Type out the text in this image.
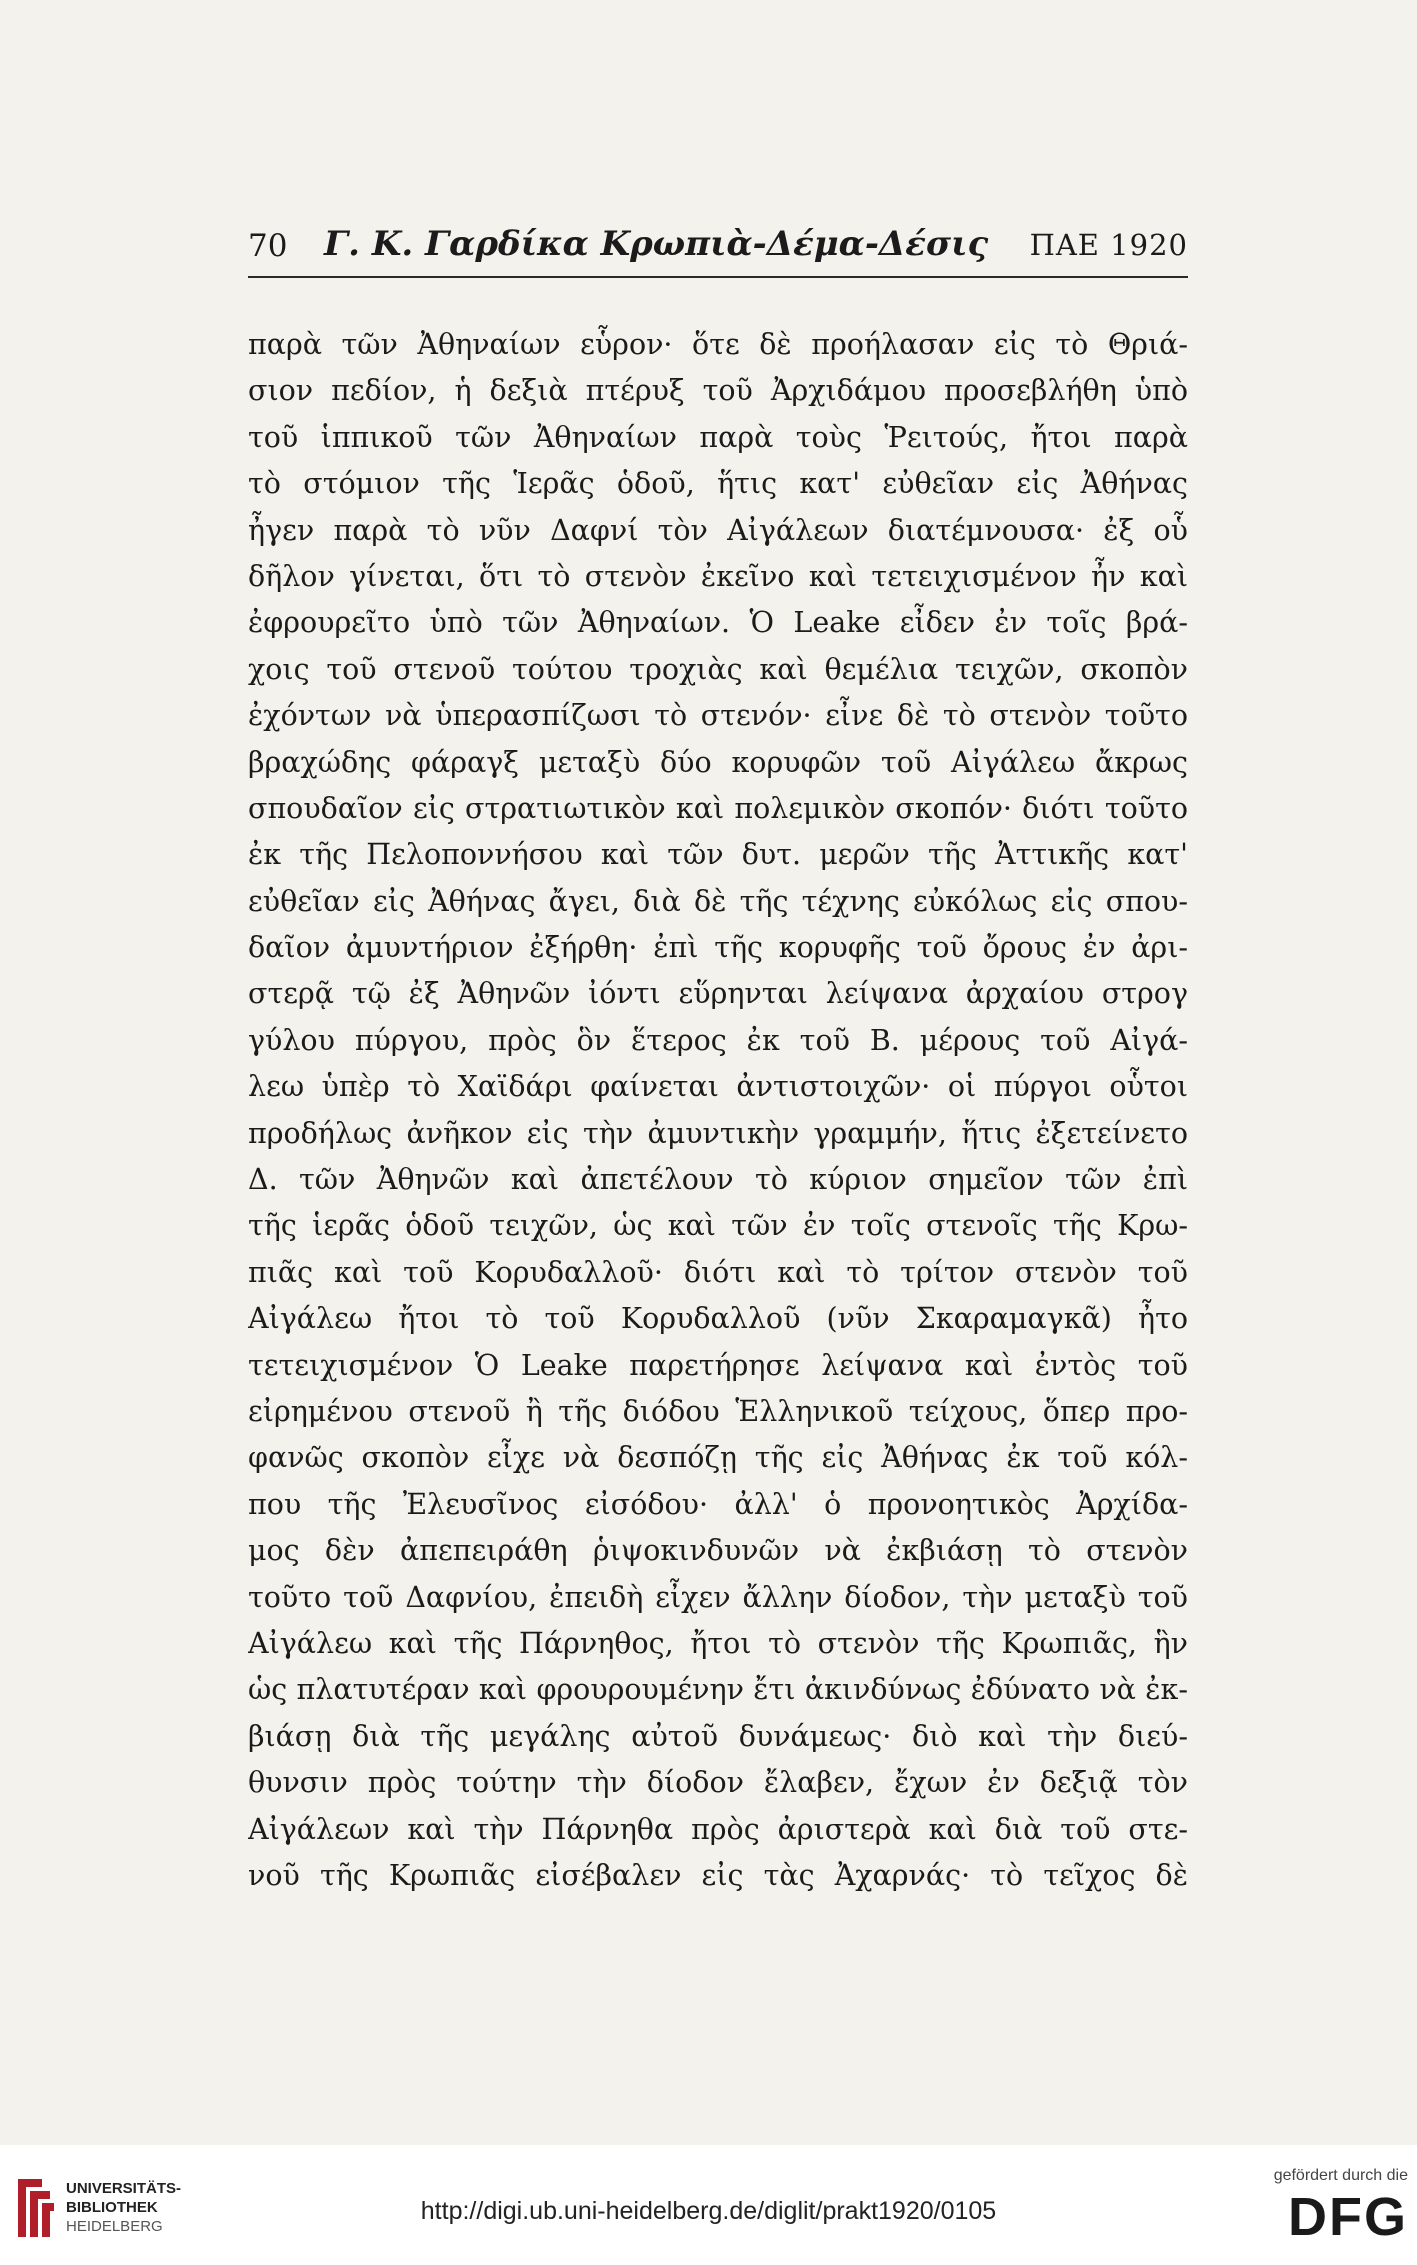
70 Γ. Κ. Γαρδίκα Κρωπιὰ-Δέμα-Δέσις ΠΑΕ 1920
παρὰ τῶν Ἀθηναίων εὗρον· ὅτε δὲ προήλασαν εἰς τὸ Θριά-
σιον πεδίον, ἡ δεξιὰ πτέρυξ τοῦ Ἀρχιδάμου προσεβλήθη ὑπὸ
τοῦ ἱππικοῦ τῶν Ἀθηναίων παρὰ τοὺς Ῥειτούς, ἤτοι παρὰ
τὸ στόμιον τῆς Ἱερᾶς ὁδοῦ, ἥτις κατ' εὐθεῖαν εἰς Ἀθήνας
ἦγεν παρὰ τὸ νῦν Δαφνί τὸν Αἰγάλεων διατέμνουσα· ἐξ οὗ
δῆλον γίνεται, ὅτι τὸ στενὸν ἐκεῖνο καὶ τετειχισμένον ἦν καὶ
ἐφρουρεῖτο ὑπὸ τῶν Ἀθηναίων. Ὁ Leake εἶδεν ἐν τοῖς βρά-
χοις τοῦ στενοῦ τούτου τροχιὰς καὶ θεμέλια τειχῶν, σκοπὸν
ἐχόντων νὰ ὑπερασπίζωσι τὸ στενόν· εἶνε δὲ τὸ στενὸν τοῦτο
βραχώδης φάραγξ μεταξὺ δύο κορυφῶν τοῦ Αἰγάλεω ἄκρως
σπουδαῖον εἰς στρατιωτικὸν καὶ πολεμικὸν σκοπόν· διότι τοῦτο
ἐκ τῆς Πελοποννήσου καὶ τῶν δυτ. μερῶν τῆς Ἀττικῆς κατ'
εὐθεῖαν εἰς Ἀθήνας ἄγει, διὰ δὲ τῆς τέχνης εὐκόλως εἰς σπου-
δαῖον ἀμυντήριον ἐξήρθη· ἐπὶ τῆς κορυφῆς τοῦ ὄρους ἐν ἀρι-
στερᾷ τῷ ἐξ Ἀθηνῶν ἰόντι εὕρηνται λείψανα ἀρχαίου στρογ
γύλου πύργου, πρὸς ὃν ἕτερος ἐκ τοῦ Β. μέρους τοῦ Αἰγά-
λεω ὑπὲρ τὸ Χαϊδάρι φαίνεται ἀντιστοιχῶν· οἱ πύργοι οὗτοι
προδήλως ἀνῆκον εἰς τὴν ἀμυντικὴν γραμμήν, ἥτις ἐξετείνετο
Δ. τῶν Ἀθηνῶν καὶ ἀπετέλουν τὸ κύριον σημεῖον τῶν ἐπὶ
τῆς ἱερᾶς ὁδοῦ τειχῶν, ὡς καὶ τῶν ἐν τοῖς στενοῖς τῆς Κρω-
πιᾶς καὶ τοῦ Κορυδαλλοῦ· διότι καὶ τὸ τρίτον στενὸν τοῦ
Αἰγάλεω ἤτοι τὸ τοῦ Κορυδαλλοῦ (νῦν Σκαραμαγκᾶ) ἦτο
τετειχισμένον Ὁ Leake παρετήρησε λείψανα καὶ ἐντὸς τοῦ
εἰρημένου στενοῦ ἢ τῆς διόδου Ἑλληνικοῦ τείχους, ὅπερ προ-
φανῶς σκοπὸν εἶχε νὰ δεσπόζῃ τῆς εἰς Ἀθήνας ἐκ τοῦ κόλ-
που τῆς Ἐλευσῖνος εἰσόδου· ἀλλ' ὁ προνοητικὸς Ἀρχίδα-
μος δὲν ἀπεπειράθη ῥιψοκινδυνῶν νὰ ἐκβιάσῃ τὸ στενὸν
τοῦτο τοῦ Δαφνίου, ἐπειδὴ εἶχεν ἄλλην δίοδον, τὴν μεταξὺ τοῦ
Αἰγάλεω καὶ τῆς Πάρνηθος, ἤτοι τὸ στενὸν τῆς Κρωπιᾶς, ἣν
ὡς πλατυτέραν καὶ φρουρουμένην ἔτι ἀκινδύνως ἐδύνατο νὰ ἐκ-
βιάσῃ διὰ τῆς μεγάλης αὐτοῦ δυνάμεως· διὸ καὶ τὴν διεύ-
θυνσιν πρὸς τούτην τὴν δίοδον ἔλαβεν, ἔχων ἐν δεξιᾷ τὸν
Αἰγάλεων καὶ τὴν Πάρνηθα πρὸς ἀριστερὰ καὶ διὰ τοῦ στε-
νοῦ τῆς Κρωπιᾶς εἰσέβαλεν εἰς τὰς Ἀχαρνάς· τὸ τεῖχος δὲ
UNIVERSITÄTS-
BIBLIOTHEK
HEIDELBERG
http://digi.ub.uni-heidelberg.de/diglit/prakt1920/0105
gefördert durch die
DFG
